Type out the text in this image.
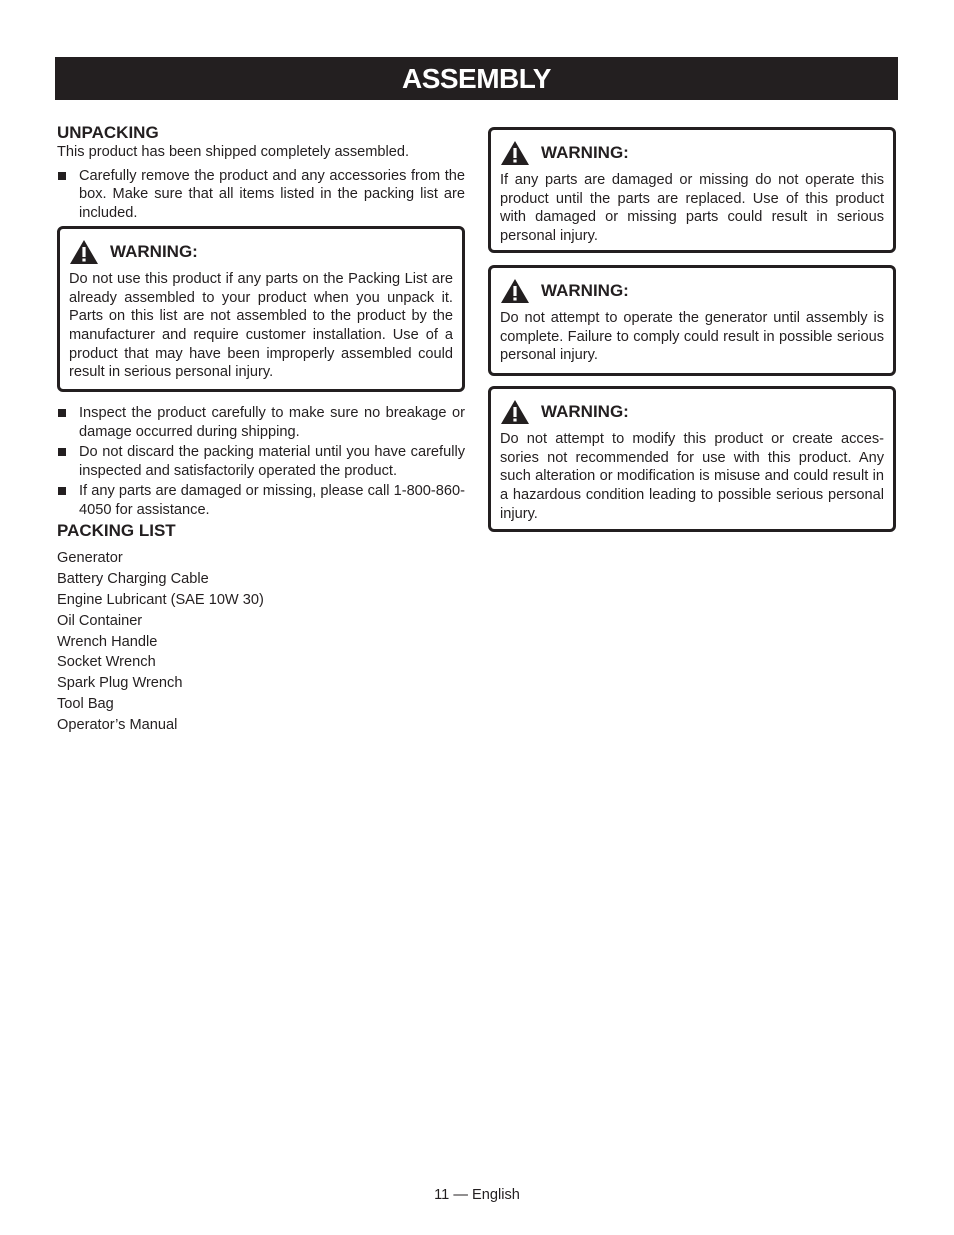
ASSEMBLY
UNPACKING

This product has been shipped completely assembled.

Carefully remove the product and any accessories from the box. Make sure that all items listed in the packing list are included.
WARNING:

Do not use this product if any parts on the Packing List are already assembled to your product when you unpack it. Parts on this list are not assembled to the product by the manufacturer and require customer installation. Use of a product that may have been improperly assembled could result in serious personal injury.

Inspect the product carefully to make sure no breakage or damage occurred during shipping.
Do not discard the packing material until you have carefully inspected and satisfactorily operated the product.
If any parts are damaged or missing, please call 1-800-860-4050 for assistance.
PACKING LIST
Generator
Battery Charging Cable
Engine Lubricant (SAE 10W 30)
Oil Container
Wrench Handle
Socket Wrench
Spark Plug Wrench
Tool Bag
Operator’s Manual
WARNING:

If any parts are damaged or missing do not operate this product until the parts are replaced. Use of this product with damaged or missing parts could result in serious personal injury.

WARNING:

Do not attempt to operate the generator until assembly is complete. Failure to comply could result in possible serious personal injury.

WARNING:

Do not attempt to modify this product or create acces-sories not recommended for use with this product. Any such alteration or modification is misuse and could result in a hazardous condition leading to possible serious personal injury.

11 — English
